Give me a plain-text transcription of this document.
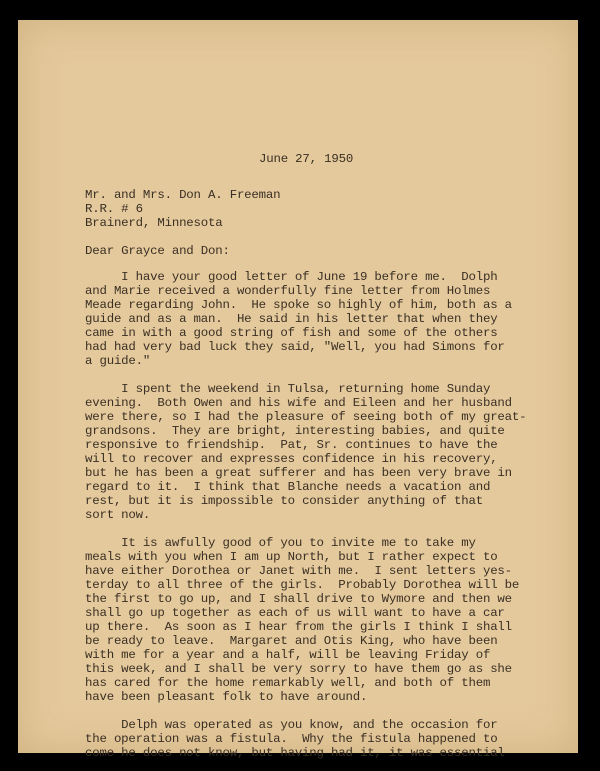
June 27, 1950
Mr. and Mrs. Don A. Freeman
R.R. # 6
Brainerd, Minnesota
Dear Grayce and Don:
I have your good letter of June 19 before me.  Dolph
and Marie received a wonderfully fine letter from Holmes
Meade regarding John.  He spoke so highly of him, both as a
guide and as a man.  He said in his letter that when they
came in with a good string of fish and some of the others
had had very bad luck they said, "Well, you had Simons for
a guide."
I spent the weekend in Tulsa, returning home Sunday
evening.  Both Owen and his wife and Eileen and her husband
were there, so I had the pleasure of seeing both of my great-
grandsons.  They are bright, interesting babies, and quite
responsive to friendship.  Pat, Sr. continues to have the
will to recover and expresses confidence in his recovery,
but he has been a great sufferer and has been very brave in
regard to it.  I think that Blanche needs a vacation and
rest, but it is impossible to consider anything of that
sort now.
It is awfully good of you to invite me to take my
meals with you when I am up North, but I rather expect to
have either Dorothea or Janet with me.  I sent letters yes-
terday to all three of the girls.  Probably Dorothea will be
the first to go up, and I shall drive to Wymore and then we
shall go up together as each of us will want to have a car
up there.  As soon as I hear from the girls I think I shall
be ready to leave.  Margaret and Otis King, who have been
with me for a year and a half, will be leaving Friday of
this week, and I shall be very sorry to have them go as she
has cared for the home remarkably well, and both of them
have been pleasant folk to have around.
Delph was operated as you know, and the occasion for
the operation was a fistula.  Why the fistula happened to
come he does not know, but having had it, it was essential
